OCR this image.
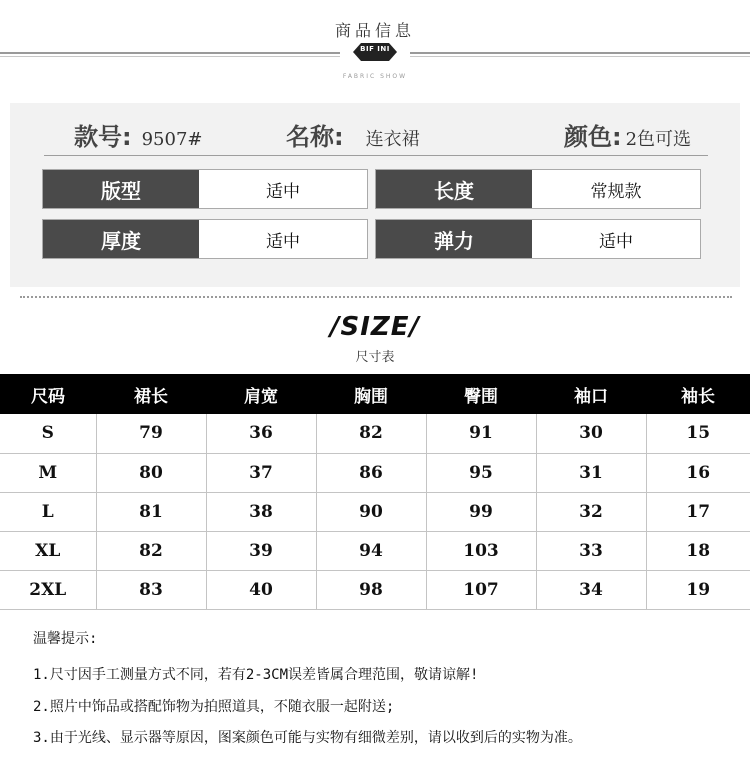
商品信息
BIF INI
FABRIC SHOW
款号: 9507#	名称: 连衣裙	颜色: 2色可选
版型	适中	长度	常规款
厚度	适中	弹力	适中
/SIZE/
尺寸表
尺码	裙长	肩宽	胸围	臀围	袖口	袖长
S	79	36	82	91	30	15
M	80	37	86	95	31	16
L	81	38	90	99	32	17
XL	82	39	94	103	33	18
2XL	83	40	98	107	34	19
温馨提示:
1.尺寸因手工测量方式不同，若有2-3CM误差皆属合理范围，敬请谅解!
2.照片中饰品或搭配饰物为拍照道具，不随衣服一起附送;
3.由于光线、显示器等原因，图案颜色可能与实物有细微差别，请以收到后的实物为准。
